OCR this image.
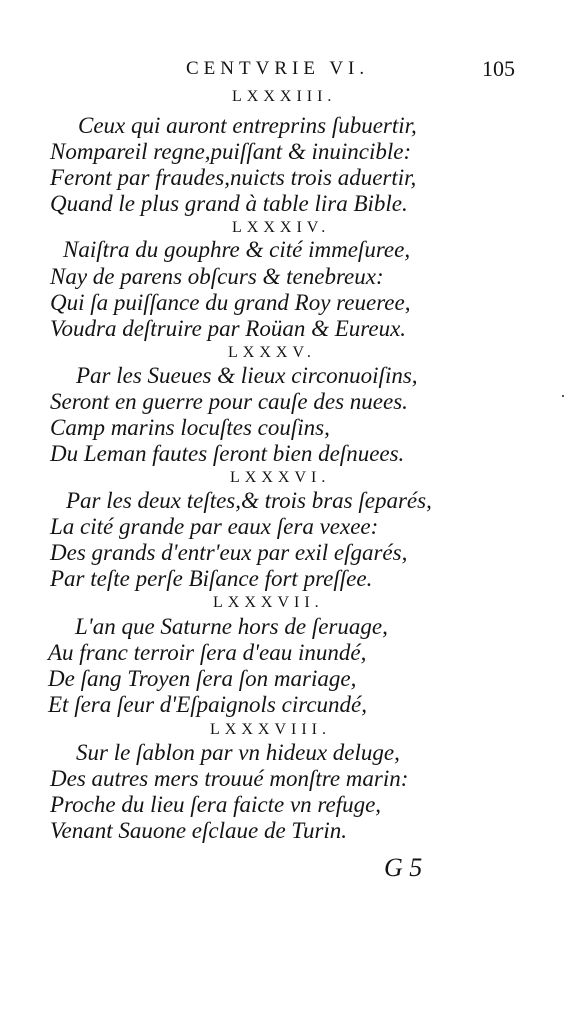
CENTVRIE VI.	105
LXXXIII.
Ceux qui auront entreprins ſubuertir,
Nompareil regne,puiſſant & inuincible:
Feront par fraudes,nuicts trois aduertir,
Quand le plus grand à table lira Bible.
LXXXIV.
Naiſtra du gouphre & cité immeſuree,
Nay de parens obſcurs & tenebreux:
Qui ſa puiſſance du grand Roy reueree,
Voudra deſtruire par Roüan & Eureux.
LXXXV.
Par les Sueues & lieux circonuoiſins,
Seront en guerre pour cauſe des nuees.
Camp marins locuſtes couſins,
Du Leman fautes ſeront bien deſnuees.
LXXXVI.
Par les deux teſtes,& trois bras ſeparés,
La cité grande par eaux ſera vexee:
Des grands d'entr'eux par exil eſgarés,
Par teſte perſe Biſance fort preſſee.
LXXXVII.
L'an que Saturne hors de ſeruage,
Au franc terroir ſera d'eau inundé,
De ſang Troyen ſera ſon mariage,
Et ſera ſeur d'Eſpaignols circundé,
LXXXVIII.
Sur le ſablon par vn hideux deluge,
Des autres mers trouué monſtre marin:
Proche du lieu ſera faicte vn refuge,
Venant Sauone eſclaue de Turin.
G 5
